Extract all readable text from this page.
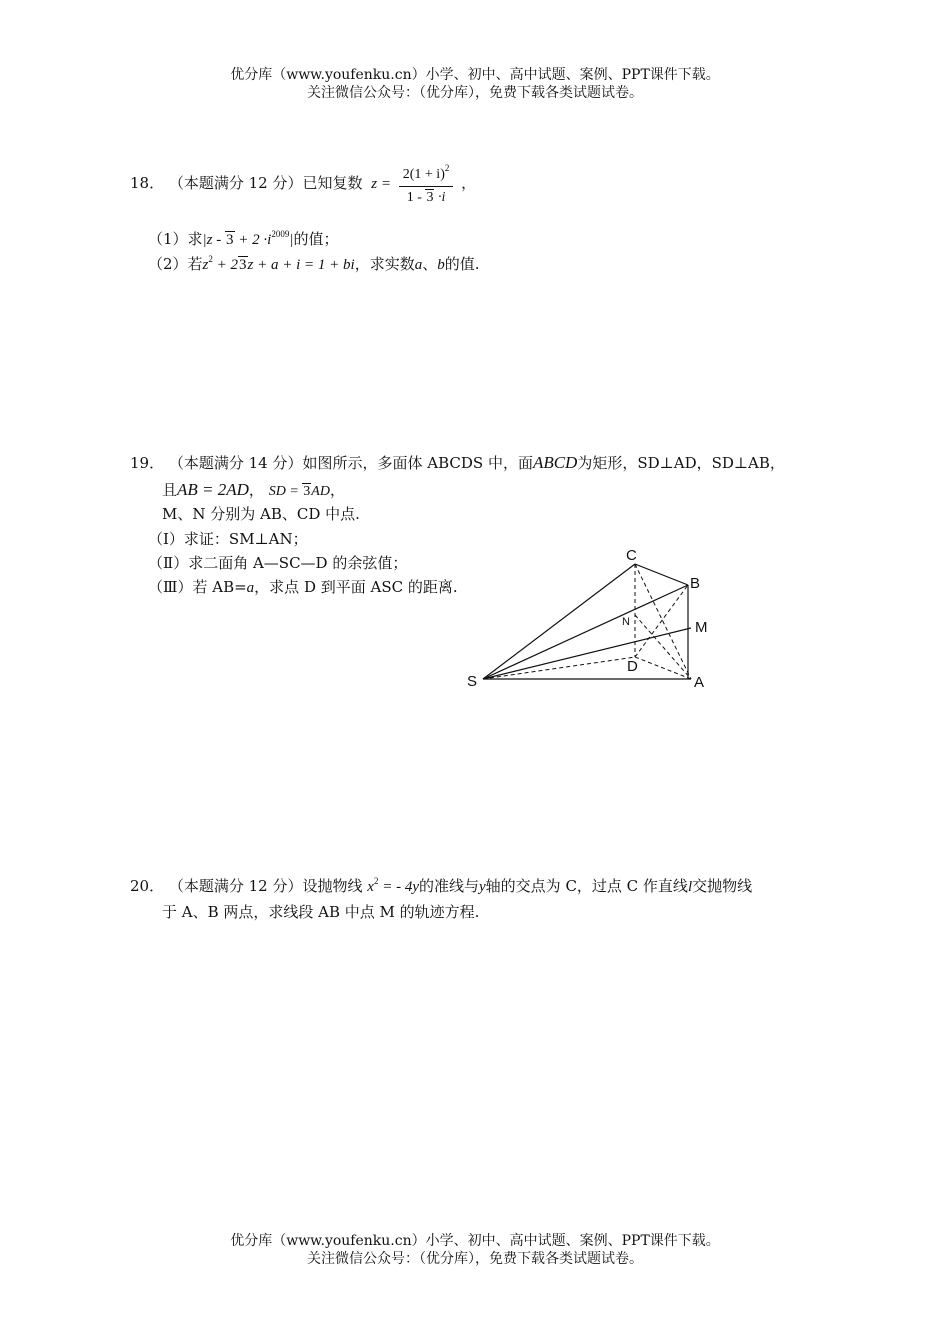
优分库（www.youfenku.cn）小学、初中、高中试题、案例、PPT课件下载。
关注微信公众号：（优分库），免费下载各类试题试卷。
18． （本题满分 12 分）已知复数 $z = \frac{2(1 + i)^2}{1 - 3 \cdot i}$ ，
（1）求$|z - 3 + 2 \cdot i^{2009}|$的值；
（2）若$z^2 + 23z + a + i = 1$ + bi，求实数a、b的值.
19． （本题满分 14 分）如图所示，多面体 ABCDS 中，面ABCD为矩形，SD⊥AD，SD⊥AB，
且AB = 2AD， SD = 3AD，
M、N 分别为 AB、CD 中点.
（Ⅰ）求证：SM⊥AN；
（Ⅱ）求二面角 A—SC—D 的余弦值；
（Ⅲ）若 AB=a，求点 D 到平面 ASC 的距离.
C
B
M
N
D
S	A
20． （本题满分 12 分）设抛物线 $x^2$ = - 4y的准线与y轴的交点为 C，过点 C 作直线l交抛物线
于 A、B 两点，求线段 AB 中点 M 的轨迹方程.
优分库（www.youfenku.cn）小学、初中、高中试题、案例、PPT课件下载。
关注微信公众号：（优分库），免费下载各类试题试卷。
